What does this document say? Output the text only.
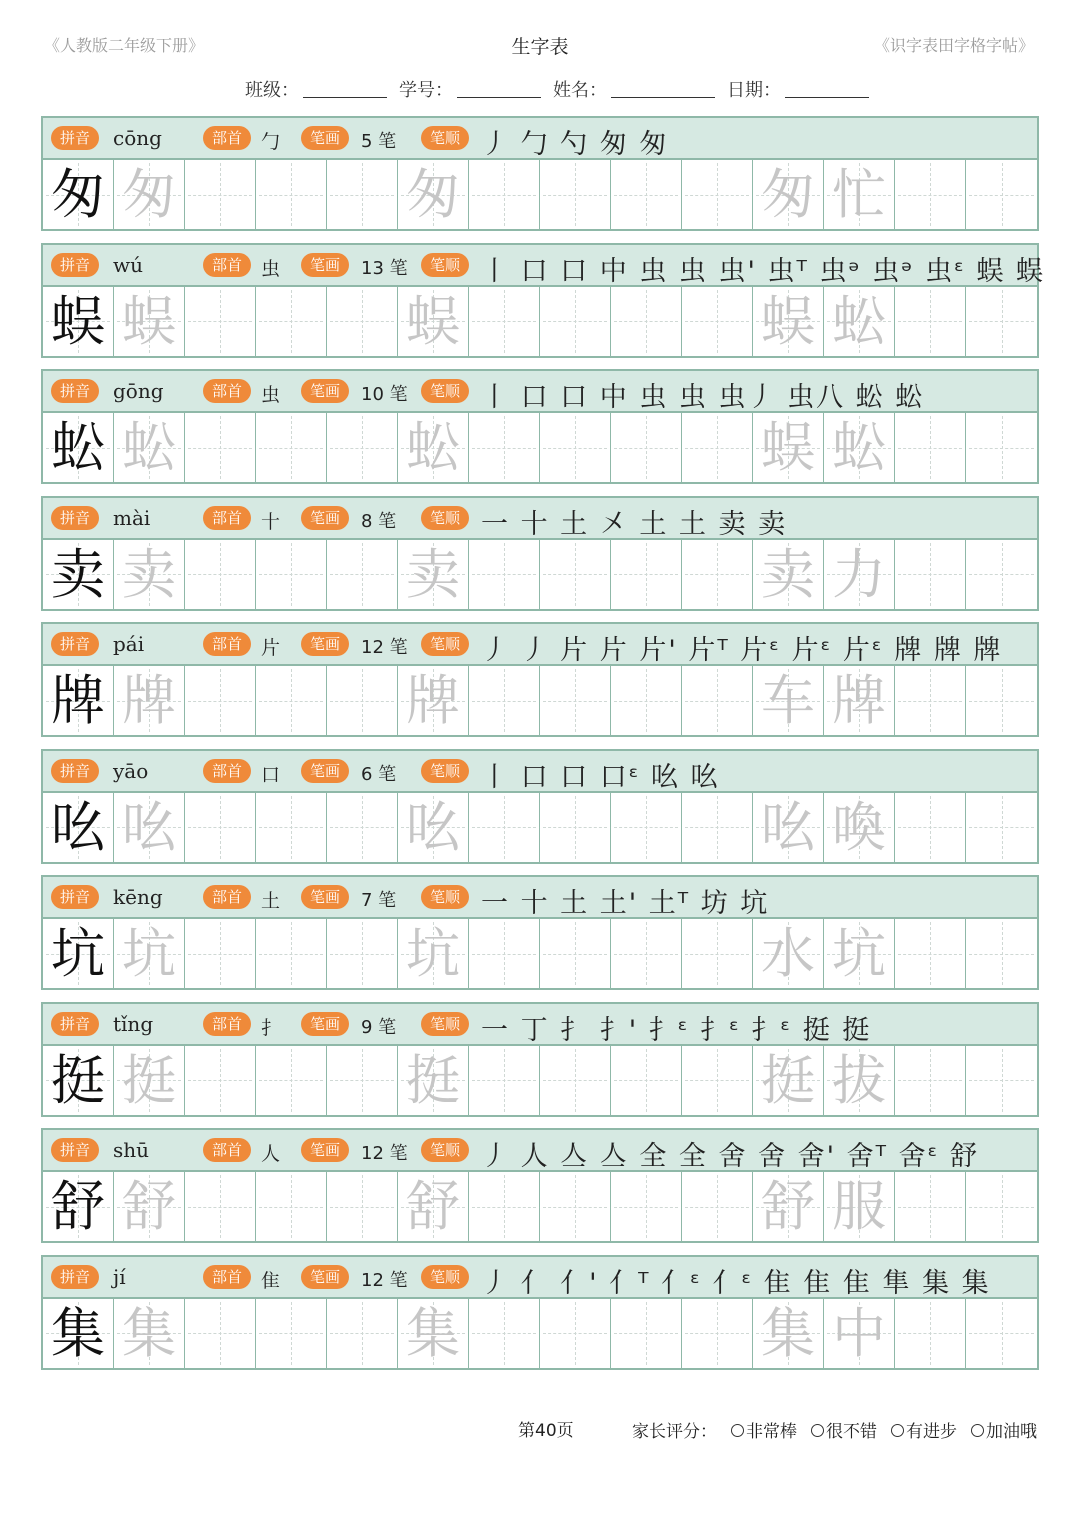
《人教版二年级下册》	生字表	《识字表田字格字帖》
班级：	学号：	姓名：	日期：
拼音	cōng	部首	勹	笔画	5 笔	笔顺 丿 勹 勺 匆 匆
匆 匆	匆	匆 忙
拼音	wú	部首	虫	笔画	13 笔	笔顺 丨 口 口 中 虫 虫 虫' 虫ᵀ 虫ᵊ 虫ᵊ 虫ᵋ 蜈 蜈
蜈 蜈	蜈	蜈 蚣
拼音	gōng	部首	虫	笔画	10 笔	笔顺 丨 口 口 中 虫 虫 虫丿 虫八 蚣 蚣
蚣 蚣	蚣	蜈 蚣
拼音	mài	部首	十	笔画	8 笔	笔顺 一 十 土 㐅 土 土 卖 卖
卖 卖	卖	卖 力
拼音	pái	部首	片	笔画	12 笔	笔顺 丿 丿 片 片 片' 片ᵀ 片ᵋ 片ᵋ 片ᵋ 牌 牌 牌
牌 牌	牌	车 牌
拼音	yāo	部首	口	笔画	6 笔	笔顺 丨 口 口 口ᵋ 吆 吆
吆 吆	吆	吆 喚
拼音	kēng	部首	土	笔画	7 笔	笔顺 一 十 土 土' 土ᵀ 坊 坑
坑 坑	坑	水 坑
拼音	tǐng	部首	扌	笔画	9 笔	笔顺 一 丁 扌 扌' 扌ᵋ 扌ᵋ 扌ᵋ 挺 挺
挺 挺	挺	挺 拔
拼音	shū	部首	人	笔画	12 笔	笔顺 丿 人 亼 亼 全 全 舍 舍 舍' 舍ᵀ 舍ᵋ 舒
舒 舒	舒	舒 服
拼音	jí	部首	隹	笔画	12 笔	笔顺 丿 亻 亻' 亻ᵀ 亻ᵋ 亻ᵋ 隹 隹 隹 隼 集 集
集 集	集	集 中
第40页	家长评分：	非常棒	很不错	有进步	加油哦
